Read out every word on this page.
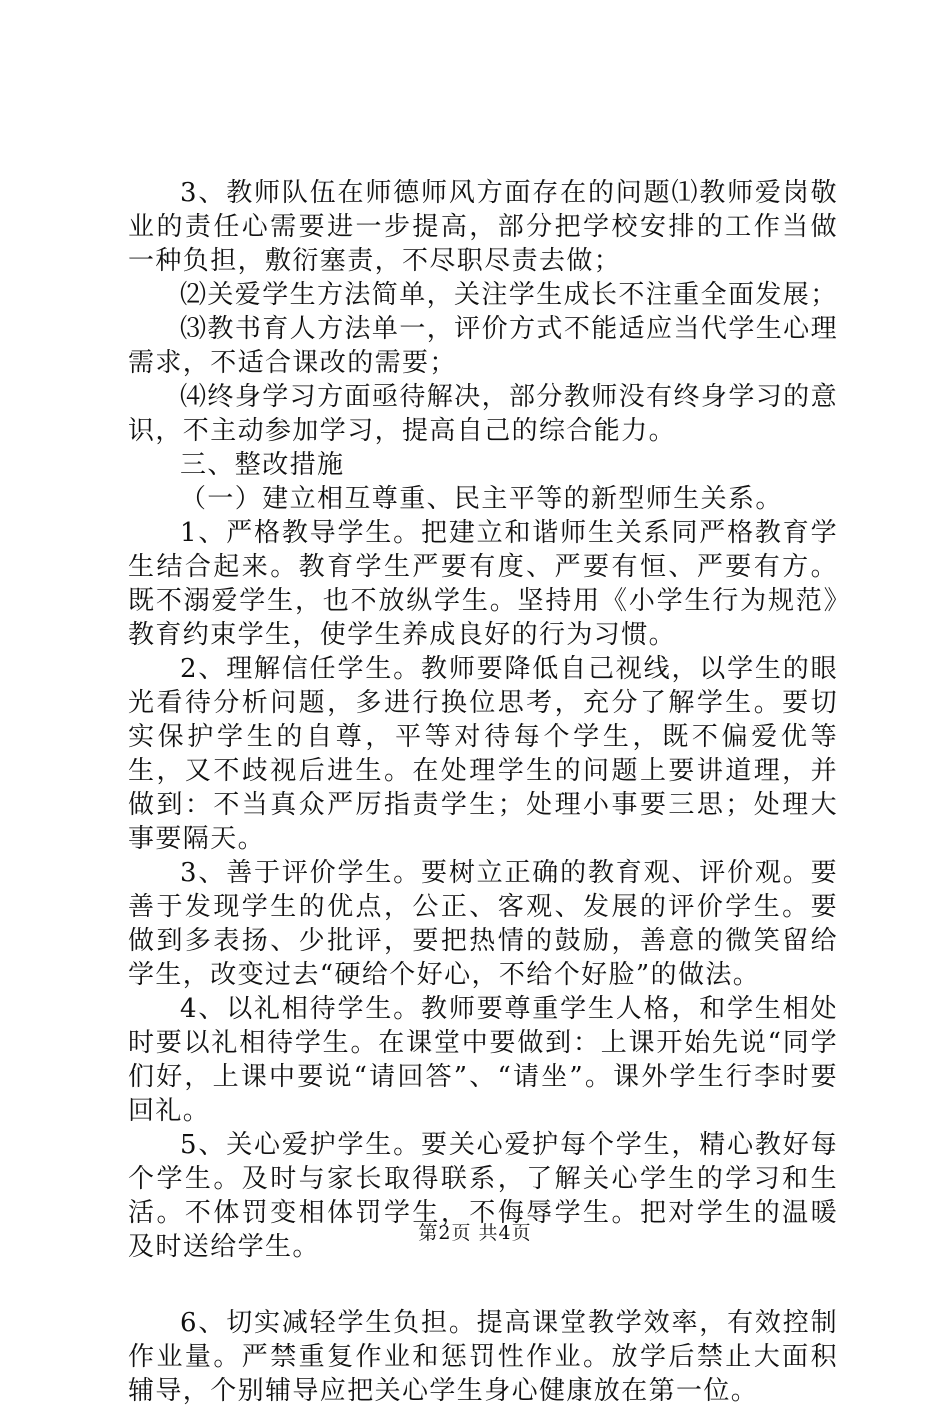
3、教师队伍在师德师风方面存在的问题⑴教师爱岗敬业的责任心需要进一步提高，部分把学校安排的工作当做一种负担，敷衍塞责，不尽职尽责去做；

⑵关爱学生方法简单，关注学生成长不注重全面发展；

⑶教书育人方法单一，评价方式不能适应当代学生心理需求，不适合课改的需要；

⑷终身学习方面亟待解决，部分教师没有终身学习的意识，不主动参加学习，提高自己的综合能力。

三、整改措施

（一）建立相互尊重、民主平等的新型师生关系。

1、严格教导学生。把建立和谐师生关系同严格教育学生结合起来。教育学生严要有度、严要有恒、严要有方。既不溺爱学生，也不放纵学生。坚持用《小学生行为规范》教育约束学生，使学生养成良好的行为习惯。

2、理解信任学生。教师要降低自己视线，以学生的眼光看待分析问题，多进行换位思考，充分了解学生。要切实保护学生的自尊，平等对待每个学生，既不偏爱优等生，又不歧视后进生。在处理学生的问题上要讲道理，并做到：不当真众严厉指责学生；处理小事要三思；处理大事要隔天。

3、善于评价学生。要树立正确的教育观、评价观。要善于发现学生的优点，公正、客观、发展的评价学生。要做到多表扬、少批评，要把热情的鼓励，善意的微笑留给学生，改变过去“硬给个好心，不给个好脸”的做法。

4、以礼相待学生。教师要尊重学生人格，和学生相处时要以礼相待学生。在课堂中要做到：上课开始先说“同学们好，上课中要说“请回答”、“请坐”。课外学生行李时要回礼。

5、关心爱护学生。要关心爱护每个学生，精心教好每个学生。及时与家长取得联系，了解关心学生的学习和生活。不体罚变相体罚学生，不侮辱学生。把对学生的温暖及时送给学生。

6、切实减轻学生负担。提高课堂教学效率，有效控制作业量。严禁重复作业和惩罚性作业。放学后禁止大面积辅导，个别辅导应把关心学生身心健康放在第一位。

第2页 共4页
